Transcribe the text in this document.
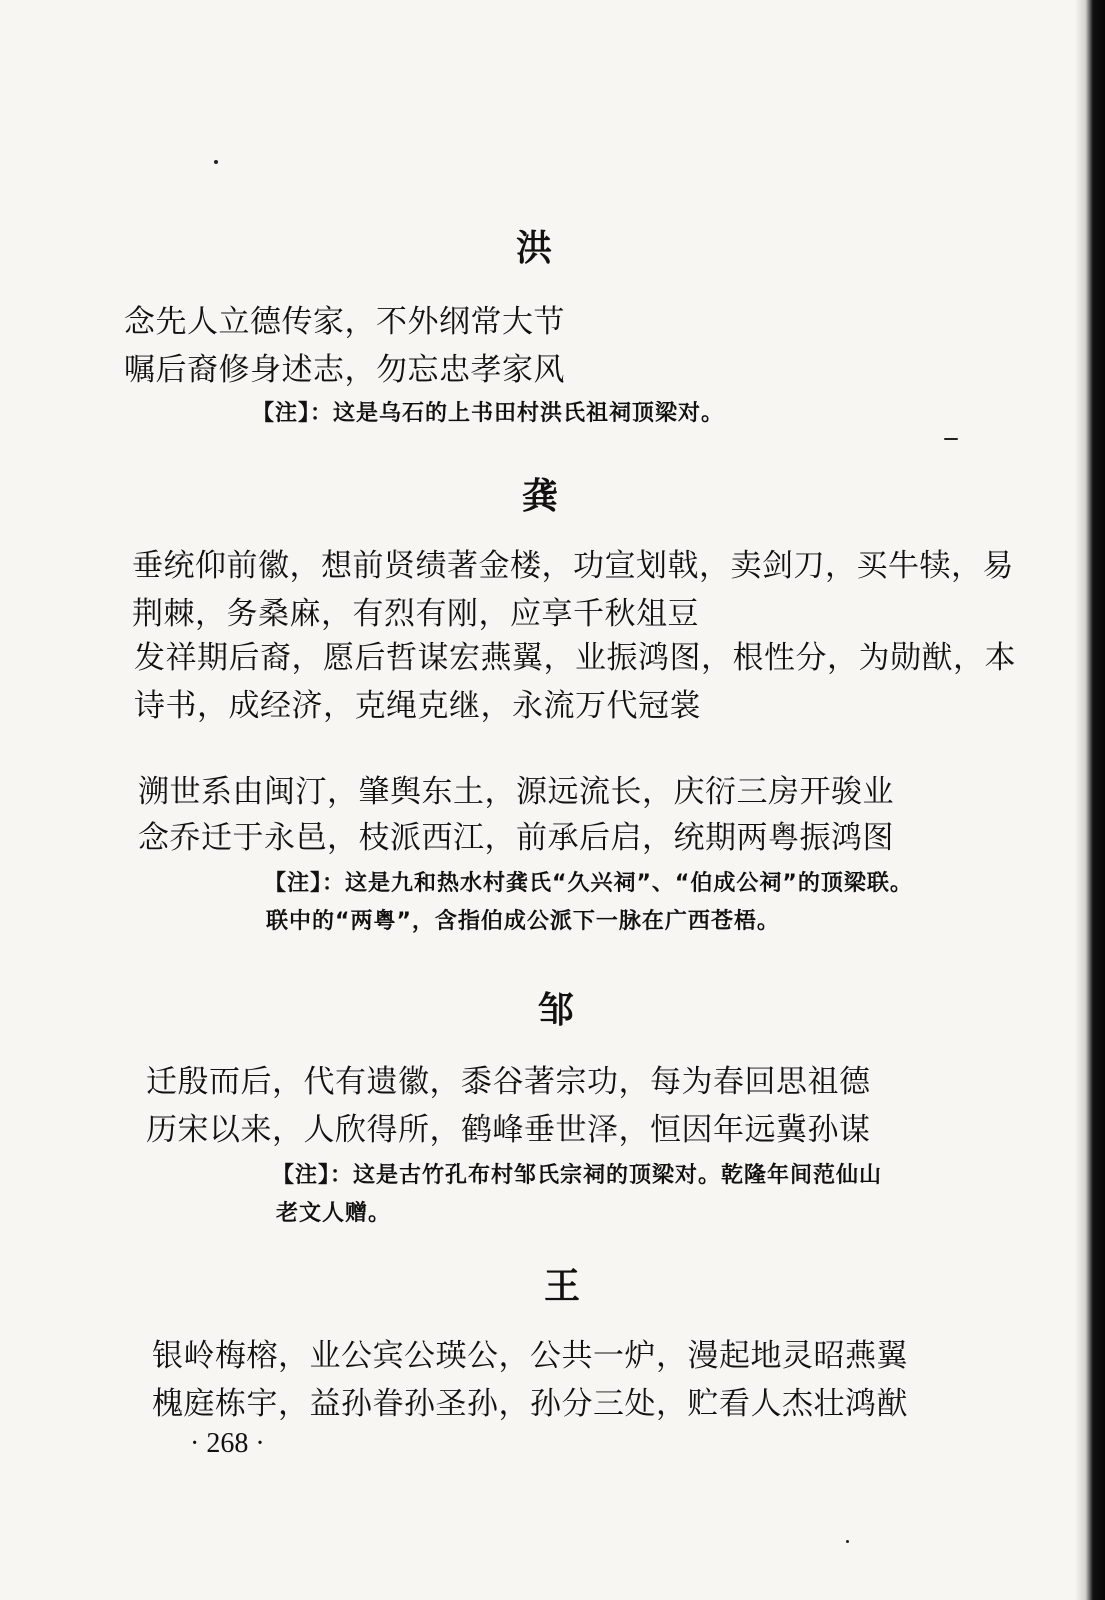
洪
念先人立德传家，不外纲常大节
嘱后裔修身述志，勿忘忠孝家风
【注】：这是乌石的上书田村洪氏祖祠顶梁对。
龚
垂统仰前徽，想前贤绩著金楼，功宣划戟，卖剑刀，买牛犊，易
荆棘，务桑麻，有烈有刚，应享千秋俎豆
发祥期后裔，愿后哲谋宏燕翼，业振鸿图，根性分，为勋猷，本
诗书，成经济，克绳克继，永流万代冠裳
溯世系由闽汀，肇舆东土，源远流长，庆衍三房开骏业
念乔迁于永邑，枝派西江，前承后启，统期两粤振鸿图
【注】：这是九和热水村龚氏“久兴祠”、“伯成公祠”的顶梁联。
联中的“两粤”，含指伯成公派下一脉在广西苍梧。
邹
迁殷而后，代有遗徽，黍谷著宗功，每为春回思祖德
历宋以来，人欣得所，鹤峰垂世泽，恒因年远冀孙谋
【注】：这是古竹孔布村邹氏宗祠的顶梁对。乾隆年间范仙山
老文人赠。
王
银岭梅榕，业公宾公瑛公，公共一炉，漫起地灵昭燕翼
槐庭栋宇，益孙眷孙圣孙，孙分三处，贮看人杰壮鸿猷
· 268 ·
